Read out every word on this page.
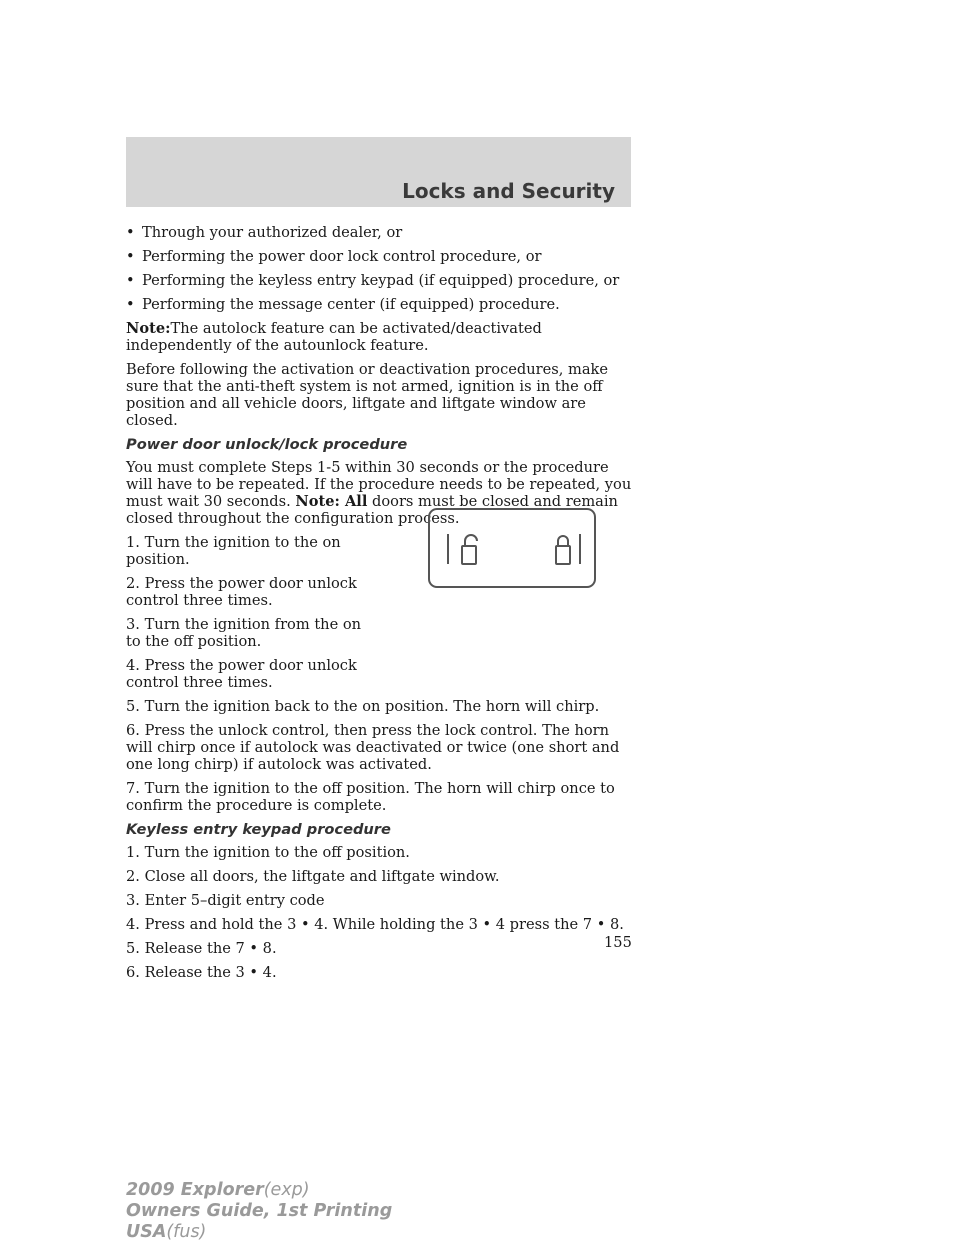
Locks and Security
• Through your authorized dealer, or
• Performing the power door lock control procedure, or
• Performing the keyless entry keypad (if equipped) procedure, or
• Performing the message center (if equipped) procedure.

Note:The autolock feature can be activated/deactivated independently of the autounlock feature.

Before following the activation or deactivation procedures, make sure that the anti-theft system is not armed, ignition is in the off position and all vehicle doors, liftgate and liftgate window are closed.

Power door unlock/lock procedure

You must complete Steps 1-5 within 30 seconds or the procedure will have to be repeated. If the procedure needs to be repeated, you must wait 30 seconds. Note: All doors must be closed and remain closed throughout the configuration process.

1. Turn the ignition to the on position.

2. Press the power door unlock control three times.

3. Turn the ignition from the on to the off position.

4. Press the power door unlock control three times.

5. Turn the ignition back to the on position. The horn will chirp.

6. Press the unlock control, then press the lock control. The horn will chirp once if autolock was deactivated or twice (one short and one long chirp) if autolock was activated.

7. Turn the ignition to the off position. The horn will chirp once to confirm the procedure is complete.

Keyless entry keypad procedure

1. Turn the ignition to the off position.

2. Close all doors, the liftgate and liftgate window.

3. Enter 5–digit entry code

4. Press and hold the 3 • 4. While holding the 3 • 4 press the 7 • 8.

5. Release the 7 • 8.

6. Release the 3 • 4.

155
2009 Explorer(exp)
Owners Guide, 1st Printing
USA(fus)
